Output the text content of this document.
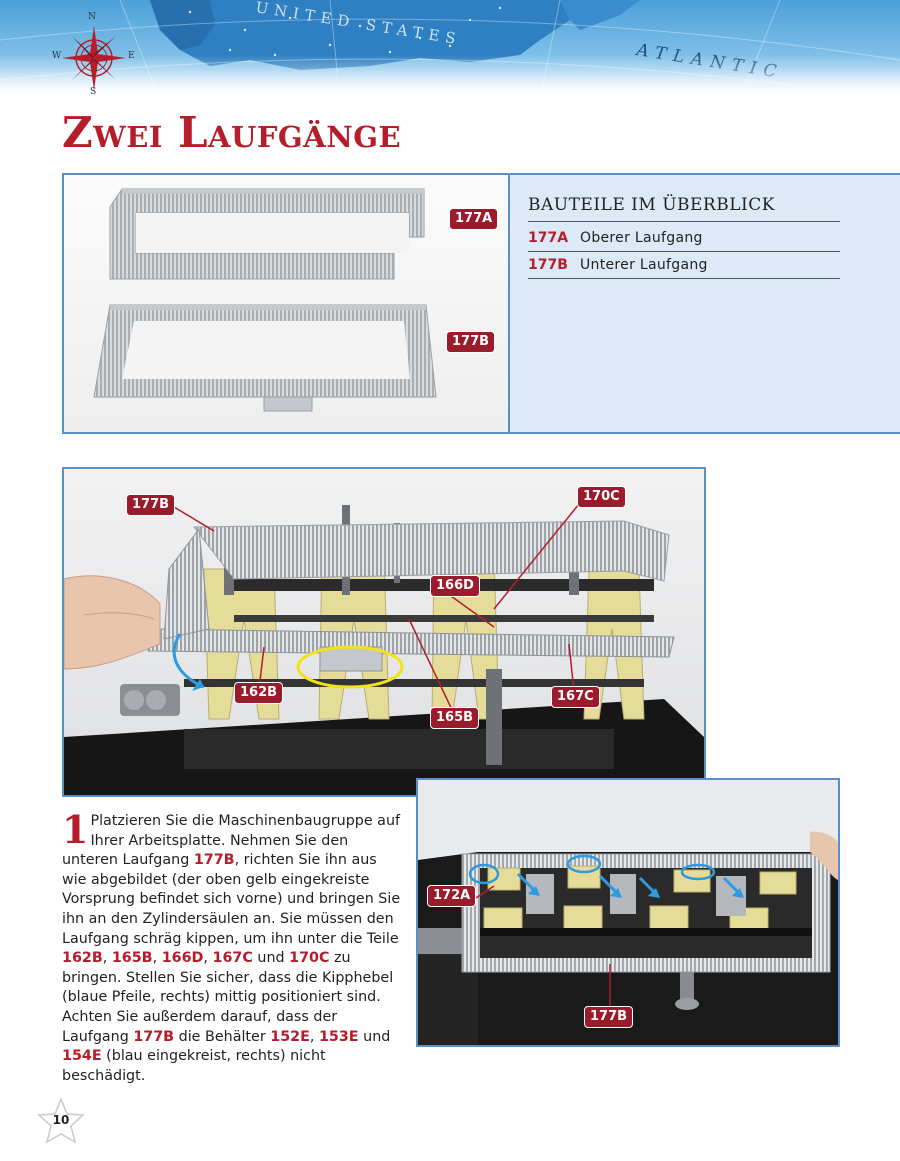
N
E
S
W
Zwei Laufgänge
177A
177B
BAUTEILE IM ÜBERBLICK
177A Oberer Laufgang
177B Unterer Laufgang
177B
170C
166D
162B
165B
167C
172A
177B
1 Platzieren Sie die Maschinenbaugruppe auf Ihrer Arbeitsplatte. Nehmen Sie den unteren Laufgang 177B, richten Sie ihn aus wie abgebildet (der oben gelb eingekreiste Vorsprung befindet sich vorne) und bringen Sie ihn an den Zylindersäulen an. Sie müssen den Laufgang schräg kippen, um ihn unter die Teile 162B, 165B, 166D, 167C und 170C zu bringen. Stellen Sie sicher, dass die Kipphebel (blaue Pfeile, rechts) mittig positioniert sind. Achten Sie außerdem darauf, dass der Laufgang 177B die Behälter 152E, 153E und 154E (blau eingekreist, rechts) nicht beschädigt.
10
